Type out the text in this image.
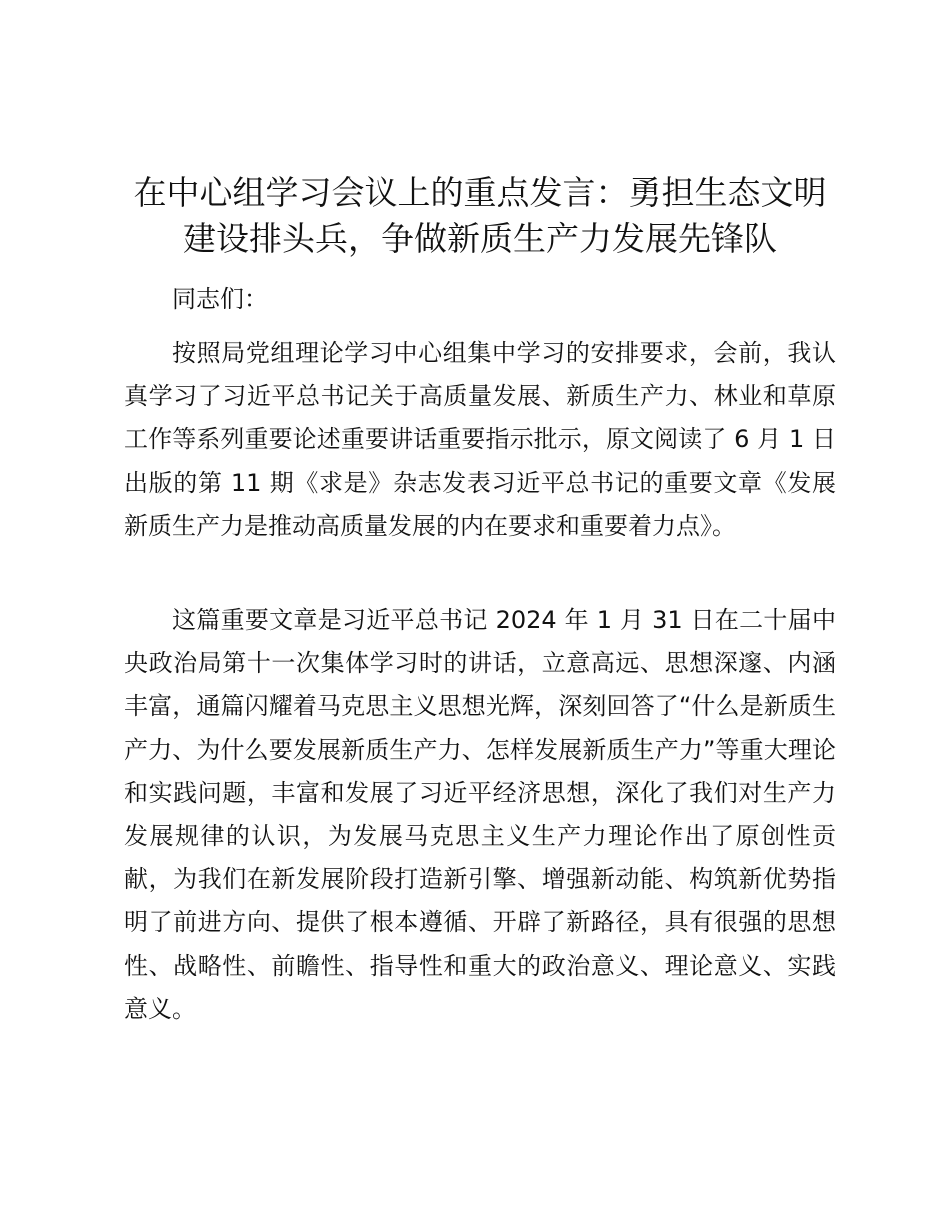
在中心组学习会议上的重点发言：勇担生态文明建设排头兵，争做新质生产力发展先锋队

同志们：

按照局党组理论学习中心组集中学习的安排要求，会前，我认真学习了习近平总书记关于高质量发展、新质生产力、林业和草原工作等系列重要论述重要讲话重要指示批示，原文阅读了 6 月 1 日出版的第 11 期《求是》杂志发表习近平总书记的重要文章《发展新质生产力是推动高质量发展的内在要求和重要着力点》。

这篇重要文章是习近平总书记 2024 年 1 月 31 日在二十届中央政治局第十一次集体学习时的讲话，立意高远、思想深邃、内涵丰富，通篇闪耀着马克思主义思想光辉，深刻回答了“什么是新质生产力、为什么要发展新质生产力、怎样发展新质生产力”等重大理论和实践问题，丰富和发展了习近平经济思想，深化了我们对生产力发展规律的认识，为发展马克思主义生产力理论作出了原创性贡献，为我们在新发展阶段打造新引擎、增强新动能、构筑新优势指明了前进方向、提供了根本遵循、开辟了新路径，具有很强的思想性、战略性、前瞻性、指导性和重大的政治意义、理论意义、实践意义。
